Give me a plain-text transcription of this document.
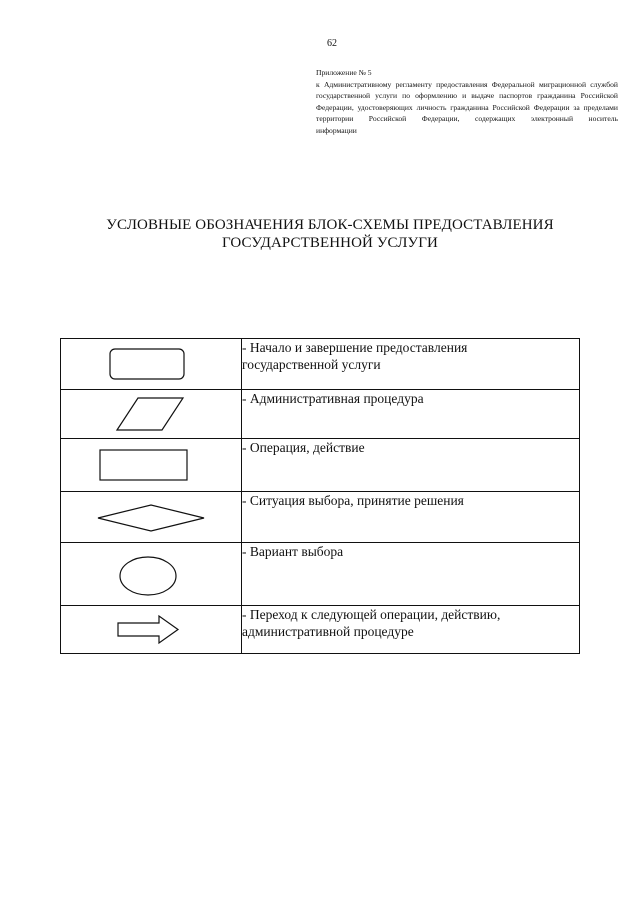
62
Приложение № 5
к Административному регламенту предоставления Федеральной миграционной службой государственной услуги по оформлению и выдаче паспортов гражданина Российской Федерации, удостоверяющих личность гражданина Российской Федерации за пределами территории Российской Федерации, содержащих электронный носитель
информации
УСЛОВНЫЕ ОБОЗНАЧЕНИЯ БЛОК-СХЕМЫ ПРЕДОСТАВЛЕНИЯ
ГОСУДАРСТВЕННОЙ УСЛУГИ

- Начало и завершение предоставления
государственной услуги

- Административная процедура

- Операция, действие

- Ситуация выбора, принятие решения

- Вариант выбора

- Переход к следующей операции, действию,
административной процедуре
